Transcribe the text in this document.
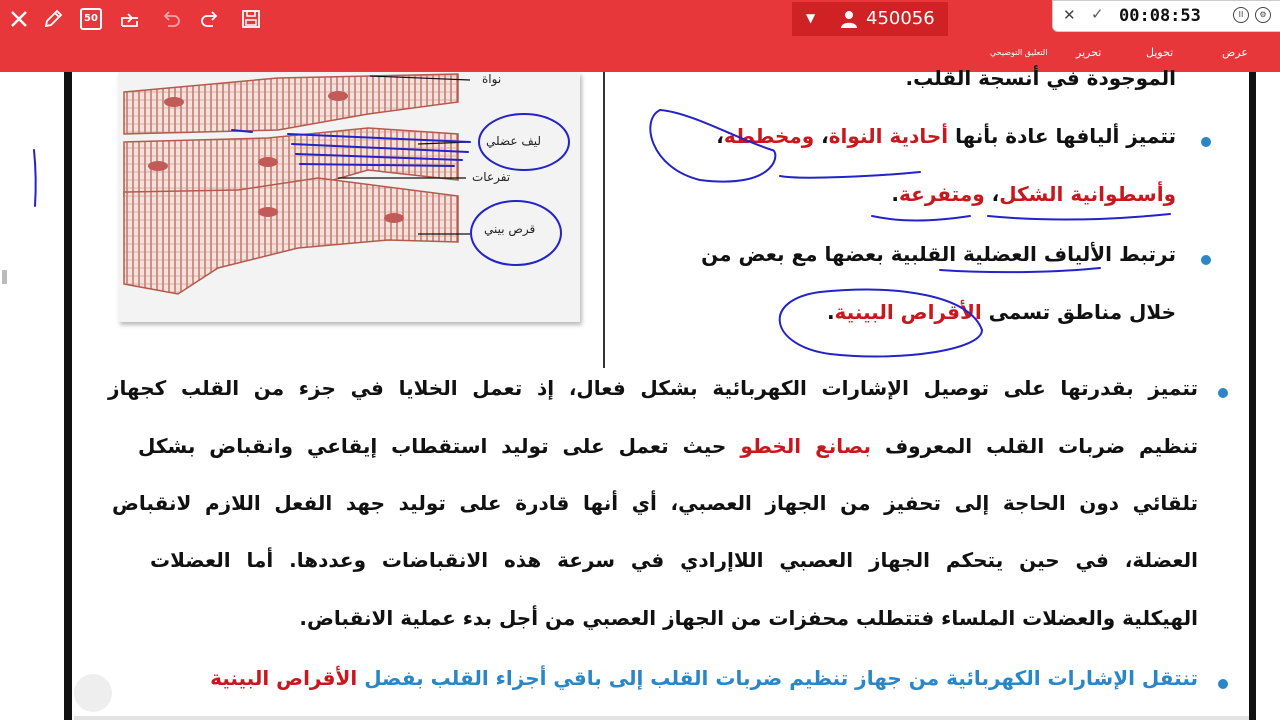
50	▼	450056	✕ ✓ 00:08:53	II	⚙
عرض
تحويل
تحرير
التعليق التوضيحي
نواة
ليف عضلي
تفرعات
قرص بيني
الموجودة في أنسجة القلب.
تتميز أليافها عادة بأنها أحادية النواة، ومخططة،
وأسطوانية الشكل، ومتفرعة.
ترتبط الألياف العضلية القلبية بعضها مع بعض من
خلال مناطق تسمى الأقراص البينية.
تتميز بقدرتها على توصيل الإشارات الكهربائية بشكل فعال، إذ تعمل الخلايا في جزء من القلب كجهاز
تنظيم ضربات القلب المعروف بصانع الخطو حيث تعمل على توليد استقطاب إيقاعي وانقباض بشكل
تلقائي دون الحاجة إلى تحفيز من الجهاز العصبي، أي أنها قادرة على توليد جهد الفعل اللازم لانقباض
العضلة، في حين يتحكم الجهاز العصبي اللاإرادي في سرعة هذه الانقباضات وعددها. أما العضلات
الهيكلية والعضلات الملساء فتتطلب محفزات من الجهاز العصبي من أجل بدء عملية الانقباض.
تنتقل الإشارات الكهربائية من جهاز تنظيم ضربات القلب إلى باقي أجزاء القلب بفضل الأقراص البينية
